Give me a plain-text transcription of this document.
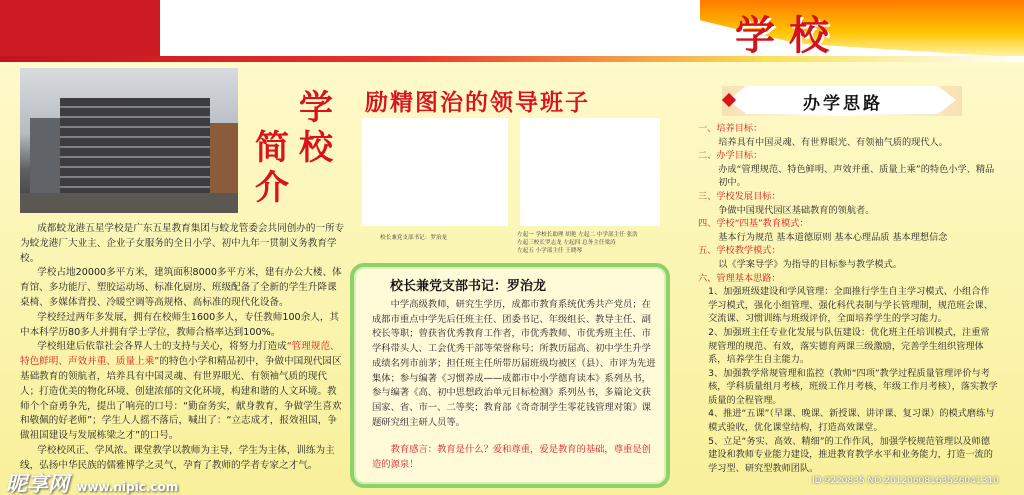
学校
学
校
简
介

成都蛟龙港五星学校是广东五星教育集团与蛟龙管委会共同创办的一所专为蛟龙港厂大业主、企业子女服务的全日小学、初中九年一贯制义务教育学校。

学校占地20000多平方米，建筑面积8000多平方米，建有办公大楼、体育馆、多功能厅、塑胶运动场、标准化厨房、班级配备了全新的学生升降课桌椅、多媒体背投、冷暖空调等高规格、高标准的现代化设备。

学校经过两年多发展，拥有在校师生1600多人，专任教师100余人，其中本科学历80多人并拥有学士学位，教师合格率达到100%。

学校组建后依靠社会各界人士的支持与关心，将努力打造成“管理规范、特色鲜明、声效并重、质量上乘”的特色小学和精品初中，争做中国现代园区基础教育的领航者，培养具有中国灵魂、有世界眼光、有领袖气质的现代人；打造优美的物化环境、创建浓郁的文化环境，构建和谐的人文环境。教师个个奋勇争先，提出了响亮的口号：“勤奋务实，献身教育，争做学生喜欢和敬佩的好老师”；学生人人摇不落后，喊出了：“立志成才，报效祖国，争做祖国建设与发展栋梁之才”的口号。

学校校风正、学风浓。课堂教学以教师为主导，学生为主体，训练为主线，弘扬中华民族的儒雅博学之灵气，孕育了教师的学者专家之才气。

励精图治的领导班子
校长兼党支部书记：罗治龙	左起一 学校长助理 胡艳 左起二 中学部主任 张浩
左起三校长罗志龙 左起四 总务主任梁涛
左起五 小学部主任 王晓琴
校长兼党支部书记：罗治龙

中学高级教师，研究生学历，成都市教育系统优秀共产党员；在成都市重点中学先后任班主任、团委书记、年级组长、教导主任、副校长等职；曾获省优秀教育工作者，市优秀教师、市优秀班主任、市学科带头人、工会优秀干部等荣誉称号；所教历届高、初中学生升学成绩名列市前茅；担任班主任所带历届班级均被区（县）、市评为先进集体；参与编著《习惯养成——成都市中小学德育读本》系列丛书，参与编著《高、初中思想政治单元目标检测》系列丛书，多篇论文获国家、省、市一、二等奖；教育部《奇奇制学生零花钱管理对策》课题研究组主研人员等。

教育感言：教育是什么？爱和尊重，爱是教育的基础，尊重是创造的源泉！
办学思路
一、培养目标：
培养具有中国灵魂、有世界眼光、有领袖气质的现代人。
二、办学目标：
办成“管理规范、特色鲜明、声效并重、质量上乘”的特色小学、精品初中。
三、学校发展目标：
争做中国现代园区基础教育的领航者。
四、学校“四基”教育模式：
基本行为规范 基本道德原则 基本心理品质 基本理想信念
五、学校教学模式：
以《学案导学》为指导的目标参与教学模式。
六、管理基本思路：
1、加强班级建设和学风管理：全面推行学生自主学习模式、小组合作学习模式，强化小组管理、强化科代表制与学长管理制，规范班会课、交流课、习惯训练与班级评价，全面培养学生的学习能力。
2、加强班主任专业化发展与队伍建设：优化班主任培训模式，注重常规管理的规范、有效，落实德育两课三级激励，完善学生组织管理体系，培养学生自主能力。
3、加强教学常规管理和监控（教师“四项”教学过程质量管理评价与考核，学科质量组月考核，班级工作月考核，年级工作月考核），落实教学质量的全程管理。
4、推进“五课”（早课、晚课、新授课、讲评课、复习课）的模式磨练与模式验收，优化课堂结构，打造高效课堂。
5、立足“务实、高效、精细”的工作作风，加强学校规范管理以及师德建设和教师专业能力建设，推进教育教学水平和业务能力，打造一流的学习型、研究型教师团队。
昵享网 www.nipic.com	ID:9220835 NO:20120608163526041310
